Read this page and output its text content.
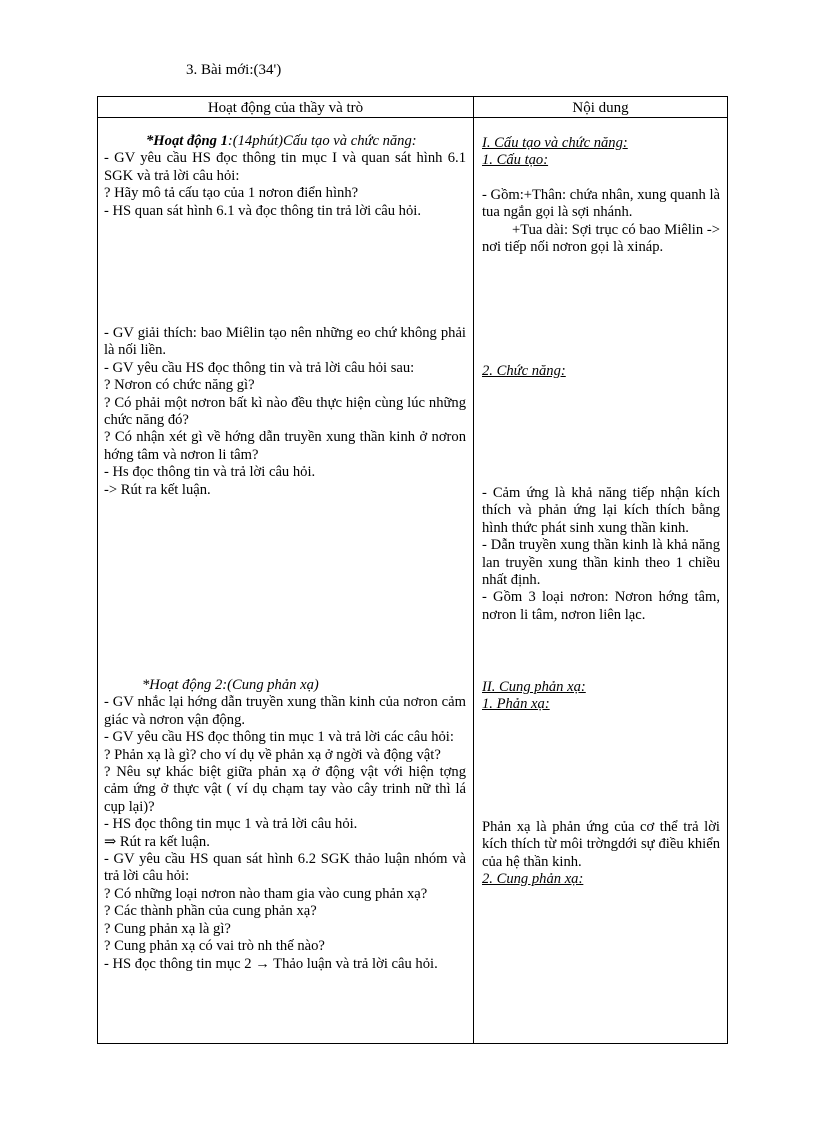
3. Bài mới:(34')
Hoạt động của thầy và trò	Nội dung

*Hoạt động 1:(14phút)Cấu tạo và chức năng:

- GV yêu cầu HS đọc thông tin mục I và quan sát hình 6.1 SGK và trả lời câu hỏi:

? Hãy mô tả cấu tạo của 1 nơron điển hình?

- HS quan sát hình 6.1 và đọc thông tin trả lời câu hỏi.

- GV giải thích: bao Miêlin tạo nên những eo chứ không phải là nối liền.

- GV yêu cầu HS đọc thông tin và trả lời câu hỏi sau:

? Nơron có chức năng gì?

? Có phải một nơron bất kì nào đều thực hiện cùng lúc những chức năng đó?

? Có nhận xét gì về hớng dẫn truyền xung thần kinh ở nơron hớng tâm và nơron li tâm?

- Hs đọc thông tin và trả lời câu hỏi.

-> Rút ra kết luận.

*Hoạt động 2:(Cung phản xạ)

- GV nhắc lại hớng dẫn truyền xung thần kinh của nơron cảm giác và nơron vận động.

- GV yêu cầu HS đọc thông tin mục 1 và trả lời các câu hỏi:

? Phản xạ là gì? cho ví dụ về phản xạ ở ngời và động vật?

? Nêu sự khác biệt giữa phản xạ ở động vật với hiện tợng cảm ứng ở thực vật ( ví dụ chạm tay vào cây trinh nữ thì lá cụp lại)?

- HS đọc thông tin mục 1 và trả lời câu hỏi.

⇒ Rút ra kết luận.

- GV yêu cầu HS quan sát hình 6.2 SGK thảo luận nhóm và trả lời câu hỏi:

? Có những loại nơron nào tham gia vào cung phản xạ?

? Các thành phần của cung phản xạ?

? Cung phản xạ là gì?

? Cung phản xạ có vai trò nh thế nào?

- HS đọc thông tin mục 2 → Thảo luận và trả lời câu hỏi.

I. Cấu tạo và chức năng:

1. Cấu tạo:

- Gồm:+Thân: chứa nhân, xung quanh là tua ngắn gọi là sợi nhánh.

+Tua dài: Sợi trục có bao Miêlin -> nơi tiếp nối nơron gọi là xináp.

2. Chức năng:

- Cảm ứng là khả năng tiếp nhận kích thích và phản ứng lại kích thích bằng hình thức phát sinh xung thần kinh.

- Dẫn truyền xung thần kinh là khả năng lan truyền xung thần kinh theo 1 chiều nhất định.

- Gồm 3 loại nơron: Nơron hớng tâm, nơron li tâm, nơron liên lạc.

II. Cung phản xạ:

1. Phản xạ:

Phản xạ là phản ứng của cơ thể trả lời kích thích từ môi trờngdới sự điều khiển của hệ thần kinh.

2. Cung phản xạ:
